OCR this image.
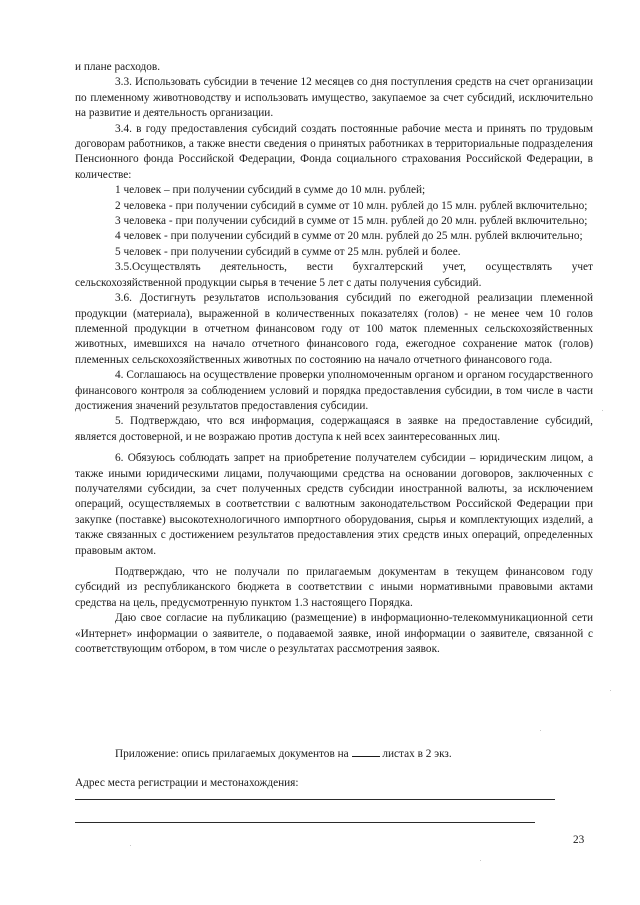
и плане расходов.

3.3. Использовать субсидии в течение 12 месяцев со дня поступления средств на счет организации по племенному животноводству и использовать имущество, закупаемое за счет субсидий, исключительно на развитие и деятельность организации.

3.4. в году предоставления субсидий создать постоянные рабочие места и принять по трудовым договорам работников, а также внести сведения о принятых работниках в территориальные подразделения Пенсионного фонда Российской Федерации, Фонда социального страхования Российской Федерации, в количестве:

1 человек – при получении субсидий в сумме до 10 млн. рублей;

2 человека - при получении субсидий в сумме от 10 млн. рублей до 15 млн. рублей включительно;

3 человека - при получении субсидий в сумме от 15 млн. рублей до 20 млн. рублей включительно;

4 человек - при получении субсидий в сумме от 20 млн. рублей до 25 млн. рублей включительно;

5 человек - при получении субсидий в сумме от 25 млн. рублей и более.

3.5.Осуществлять деятельность, вести бухгалтерский учет, осуществлять учет сельскохозяйственной продукции сырья в течение 5 лет с даты получения субсидий.

3.6. Достигнуть результатов использования субсидий по ежегодной реализации племенной продукции (материала), выраженной в количественных показателях (голов) - не менее чем 10 голов племенной продукции в отчетном финансовом году от 100 маток племенных сельскохозяйственных животных, имевшихся на начало отчетного финансового года, ежегодное сохранение маток (голов) племенных сельскохозяйственных животных по состоянию на начало отчетного финансового года.

4. Соглашаюсь на осуществление проверки уполномоченным органом и органом государственного финансового контроля за соблюдением условий и порядка предоставления субсидии, в том числе в части достижения значений результатов предоставления субсидии.

5. Подтверждаю, что вся информация, содержащаяся в заявке на предоставление субсидий, является достоверной, и не возражаю против доступа к ней всех заинтересованных лиц.

6. Обязуюсь соблюдать запрет на приобретение получателем субсидии – юридическим лицом, а также иными юридическими лицами, получающими средства на основании договоров, заключенных с получателями субсидии, за счет полученных средств субсидии иностранной валюты, за исключением операций, осуществляемых в соответствии с валютным законодательством Российской Федерации при закупке (поставке) высокотехнологичного импортного оборудования, сырья и комплектующих изделий, а также связанных с достижением результатов предоставления этих средств иных операций, определенных правовым актом.

Подтверждаю, что не получали по прилагаемым документам в текущем финансовом году субсидий из республиканского бюджета в соответствии с иными нормативными правовыми актами средства на цель, предусмотренную пунктом 1.3 настоящего Порядка.

Даю свое согласие на публикацию (размещение) в информационно-телекоммуникационной сети «Интернет» информации о заявителе, о подаваемой заявке, иной информации о заявителе, связанной с соответствующим отбором, в том числе о результатах рассмотрения заявок.

Приложение: опись прилагаемых документов на	листах в 2 экз.
Адрес места регистрации и местонахождения:
23
